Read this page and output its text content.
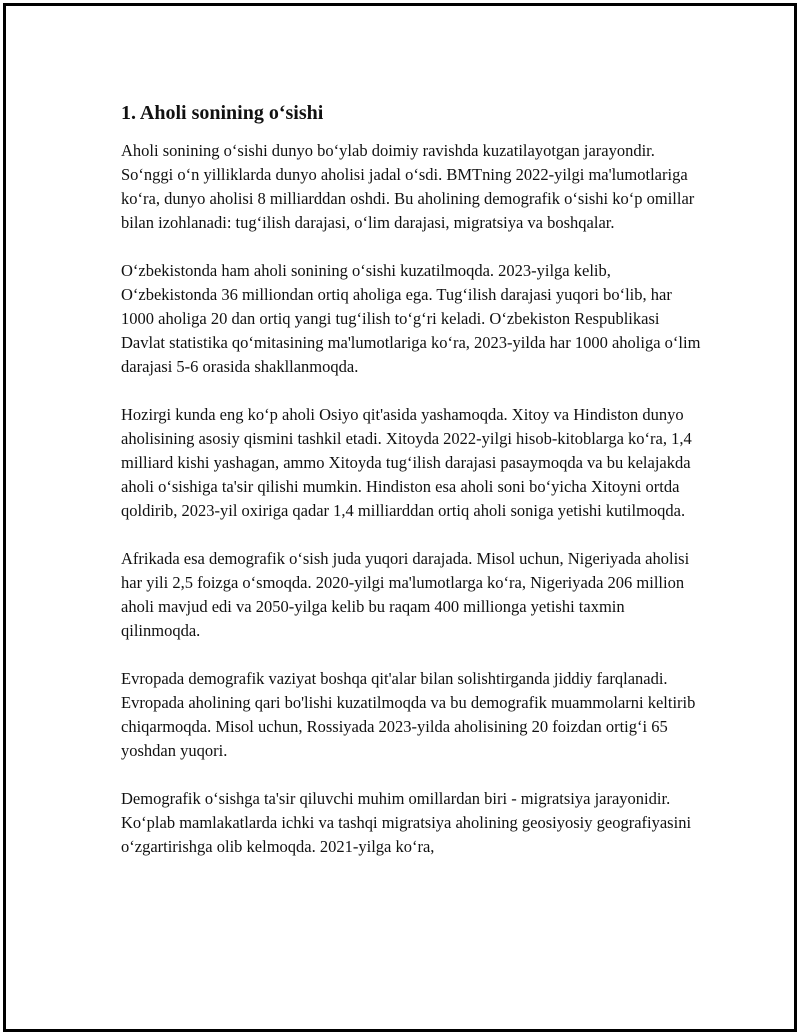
1. Aholi sonining o‘sishi

Aholi sonining o‘sishi dunyo bo‘ylab doimiy ravishda kuzatilayotgan jarayondir. So‘nggi o‘n yilliklarda dunyo aholisi jadal o‘sdi. BMTning 2022-yilgi ma'lumotlariga ko‘ra, dunyo aholisi 8 milliarddan oshdi. Bu aholining demografik o‘sishi ko‘p omillar bilan izohlanadi: tug‘ilish darajasi, o‘lim darajasi, migratsiya va boshqalar.

O‘zbekistonda ham aholi sonining o‘sishi kuzatilmoqda. 2023-yilga kelib, O‘zbekistonda 36 milliondan ortiq aholiga ega. Tug‘ilish darajasi yuqori bo‘lib, har 1000 aholiga 20 dan ortiq yangi tug‘ilish to‘g‘ri keladi. O‘zbekiston Respublikasi Davlat statistika qo‘mitasining ma'lumotlariga ko‘ra, 2023-yilda har 1000 aholiga o‘lim darajasi 5-6 orasida shakllanmoqda.

Hozirgi kunda eng ko‘p aholi Osiyo qit'asida yashamoqda. Xitoy va Hindiston dunyo aholisining asosiy qismini tashkil etadi. Xitoyda 2022-yilgi hisob-kitoblarga ko‘ra, 1,4 milliard kishi yashagan, ammo Xitoyda tug‘ilish darajasi pasaymoqda va bu kelajakda aholi o‘sishiga ta'sir qilishi mumkin. Hindiston esa aholi soni bo‘yicha Xitoyni ortda qoldirib, 2023-yil oxiriga qadar 1,4 milliarddan ortiq aholi soniga yetishi kutilmoqda.

Afrikada esa demografik o‘sish juda yuqori darajada. Misol uchun, Nigeriyada aholisi har yili 2,5 foizga o‘smoqda. 2020-yilgi ma'lumotlarga ko‘ra, Nigeriyada 206 million aholi mavjud edi va 2050-yilga kelib bu raqam 400 millionga yetishi taxmin qilinmoqda.

Evropada demografik vaziyat boshqa qit'alar bilan solishtirganda jiddiy farqlanadi. Evropada aholining qari bo'lishi kuzatilmoqda va bu demografik muammolarni keltirib chiqarmoqda. Misol uchun, Rossiyada 2023-yilda aholisining 20 foizdan ortig‘i 65 yoshdan yuqori.

Demografik o‘sishga ta'sir qiluvchi muhim omillardan biri - migratsiya jarayonidir. Ko‘plab mamlakatlarda ichki va tashqi migratsiya aholining geosiyosiy geografiyasini o‘zgartirishga olib kelmoqda. 2021-yilga ko‘ra,
